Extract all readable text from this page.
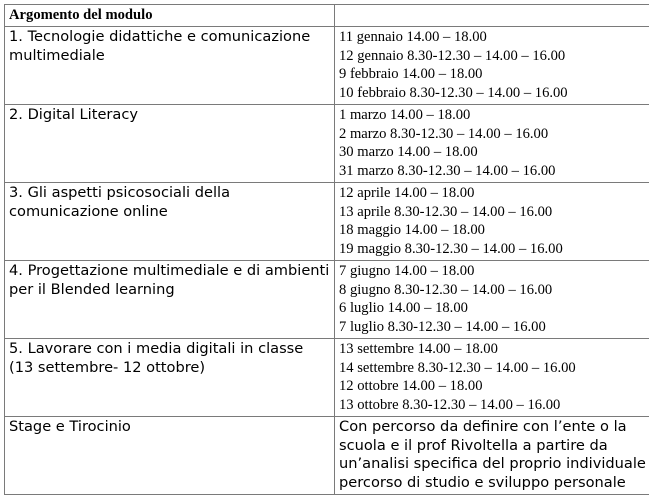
Argomento del modulo	
1. Tecnologie didattiche e comunicazione multimediale	11 gennaio 14.00 – 18.00
12 gennaio 8.30-12.30 – 14.00 – 16.00
9 febbraio 14.00 – 18.00
10 febbraio 8.30-12.30 – 14.00 – 16.00

2. Digital Literacy	1 marzo 14.00 – 18.00
2 marzo 8.30-12.30 – 14.00 – 16.00
30 marzo 14.00 – 18.00
31 marzo 8.30-12.30 – 14.00 – 16.00

3. Gli aspetti psicosociali della comunicazione online	12 aprile 14.00 – 18.00
13 aprile 8.30-12.30 – 14.00 – 16.00
18 maggio 14.00 – 18.00
19 maggio 8.30-12.30 – 14.00 – 16.00

4. Progettazione multimediale e di ambienti per il Blended learning	7 giugno 14.00 – 18.00
8 giugno 8.30-12.30 – 14.00 – 16.00
6 luglio 14.00 – 18.00
7 luglio 8.30-12.30 – 14.00 – 16.00

5. Lavorare con i media digitali in classe (13 settembre- 12 ottobre)	13 settembre 14.00 – 18.00
14 settembre 8.30-12.30 – 14.00 – 16.00
12 ottobre 14.00 – 18.00
13 ottobre 8.30-12.30 – 14.00 – 16.00

Stage e Tirocinio	Con percorso da definire con l’ente o la scuola e il prof Rivoltella a partire da un’analisi specifica del proprio individuale percorso di studio e sviluppo personale
